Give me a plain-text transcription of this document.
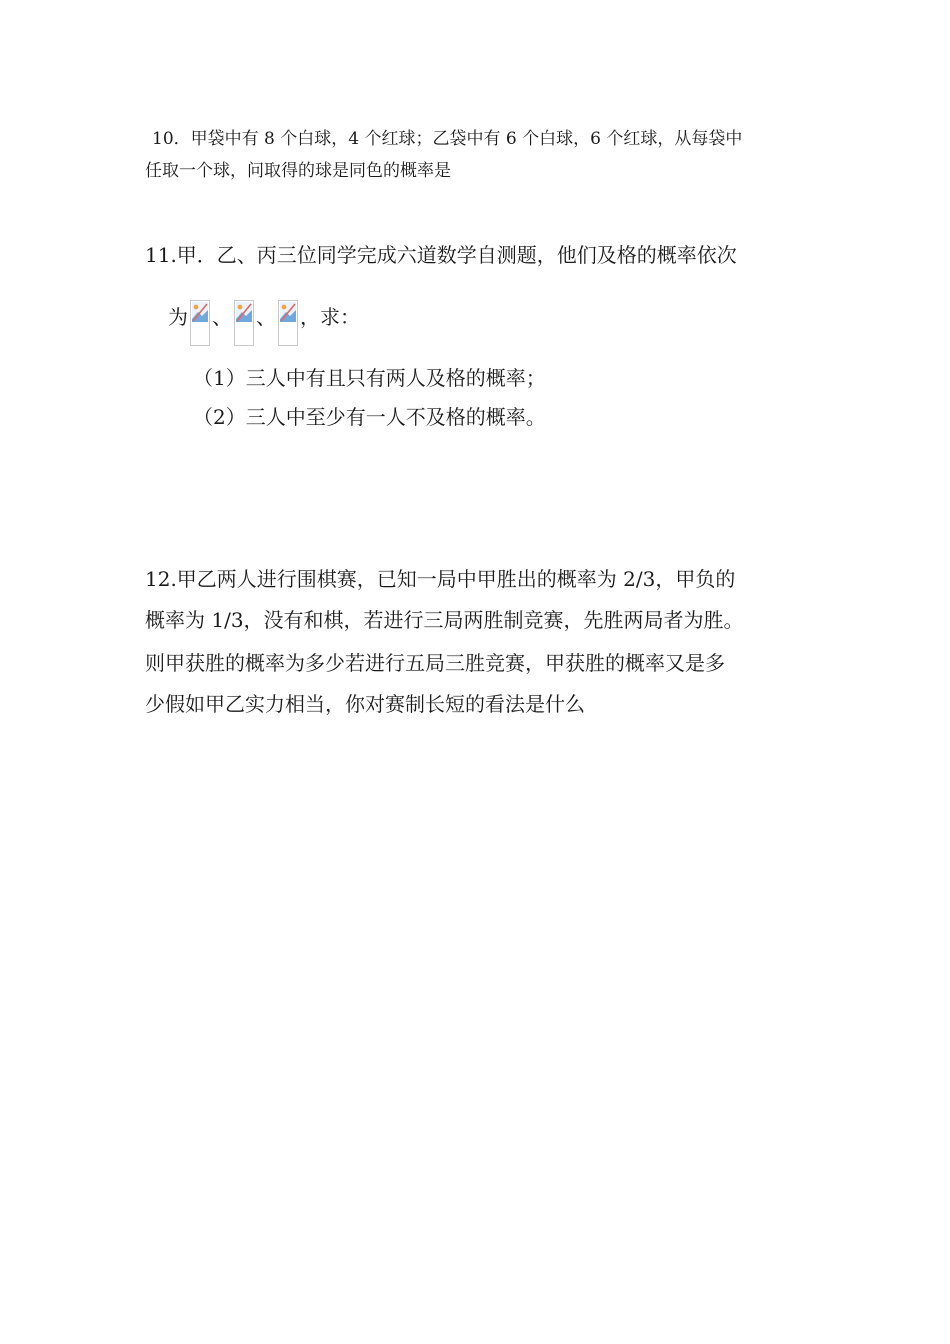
10．甲袋中有 8 个白球，4 个红球；乙袋中有 6 个白球，6 个红球，从每袋中
任取一个球，问取得的球是同色的概率是
11.甲．乙、丙三位同学完成六道数学自测题，他们及格的概率依次
为 、 、 ，求：
（1）三人中有且只有两人及格的概率；
（2）三人中至少有一人不及格的概率。
12.甲乙两人进行围棋赛，已知一局中甲胜出的概率为 2/3，甲负的
概率为 1/3，没有和棋，若进行三局两胜制竞赛，先胜两局者为胜。
则甲获胜的概率为多少若进行五局三胜竞赛，甲获胜的概率又是多
少假如甲乙实力相当，你对赛制长短的看法是什么
